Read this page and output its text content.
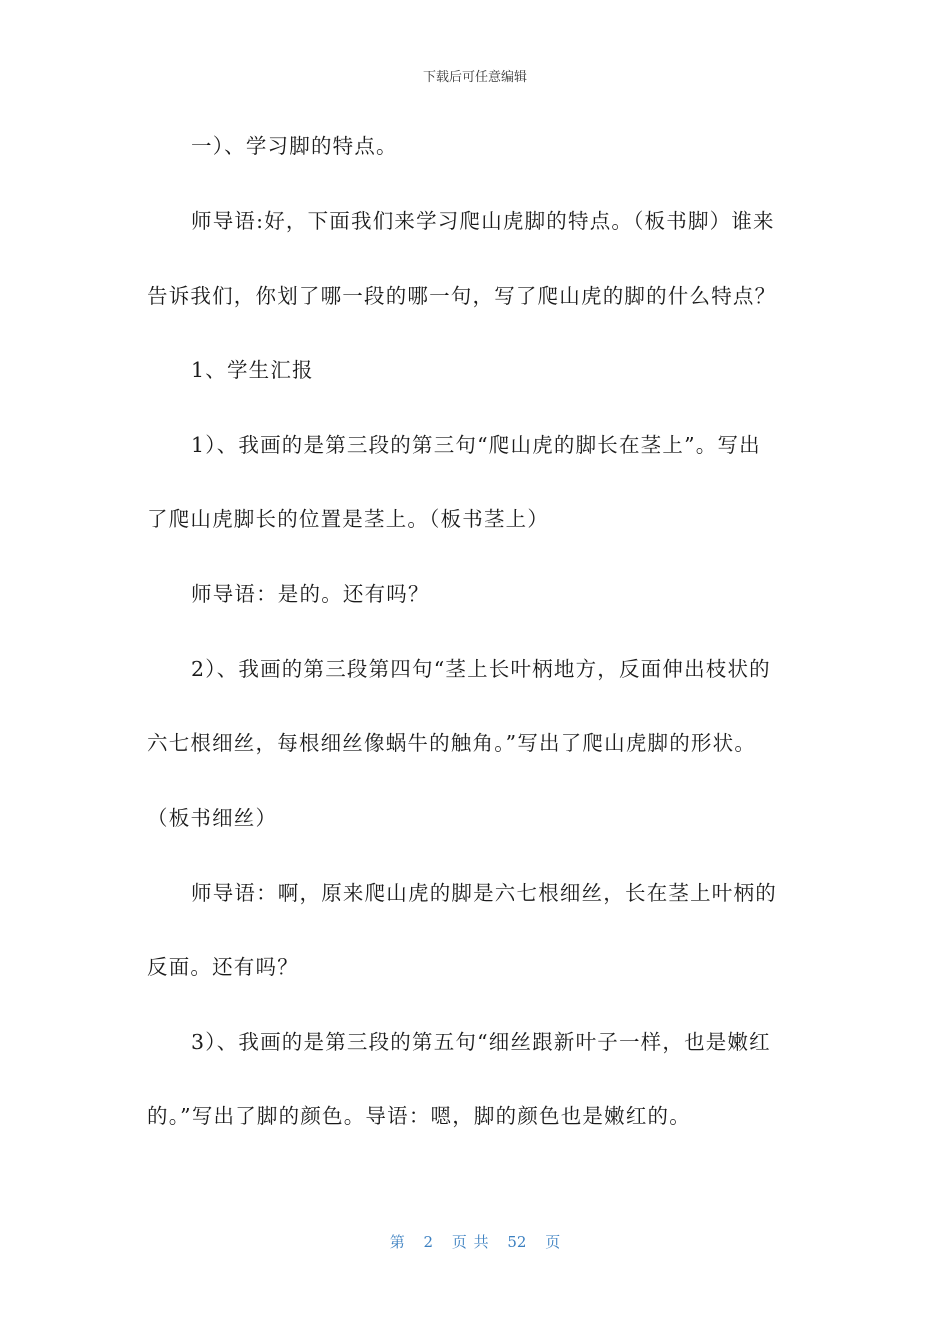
下载后可任意编辑
一）、学习脚的特点。
师导语:好，下面我们来学习爬山虎脚的特点。（板书脚）谁来
告诉我们，你划了哪一段的哪一句，写了爬山虎的脚的什么特点？
1、学生汇报
1）、我画的是第三段的第三句“爬山虎的脚长在茎上”。写出
了爬山虎脚长的位置是茎上。（板书茎上）
师导语：是的。还有吗？
2）、我画的第三段第四句“茎上长叶柄地方，反面伸出枝状的
六七根细丝，每根细丝像蜗牛的触角。”写出了爬山虎脚的形状。
（板书细丝）
师导语：啊，原来爬山虎的脚是六七根细丝，长在茎上叶柄的
反面。还有吗？
3）、我画的是第三段的第五句“细丝跟新叶子一样，也是嫩红
的。”写出了脚的颜色。导语：嗯，脚的颜色也是嫩红的。
第 2 页 共 52 页
